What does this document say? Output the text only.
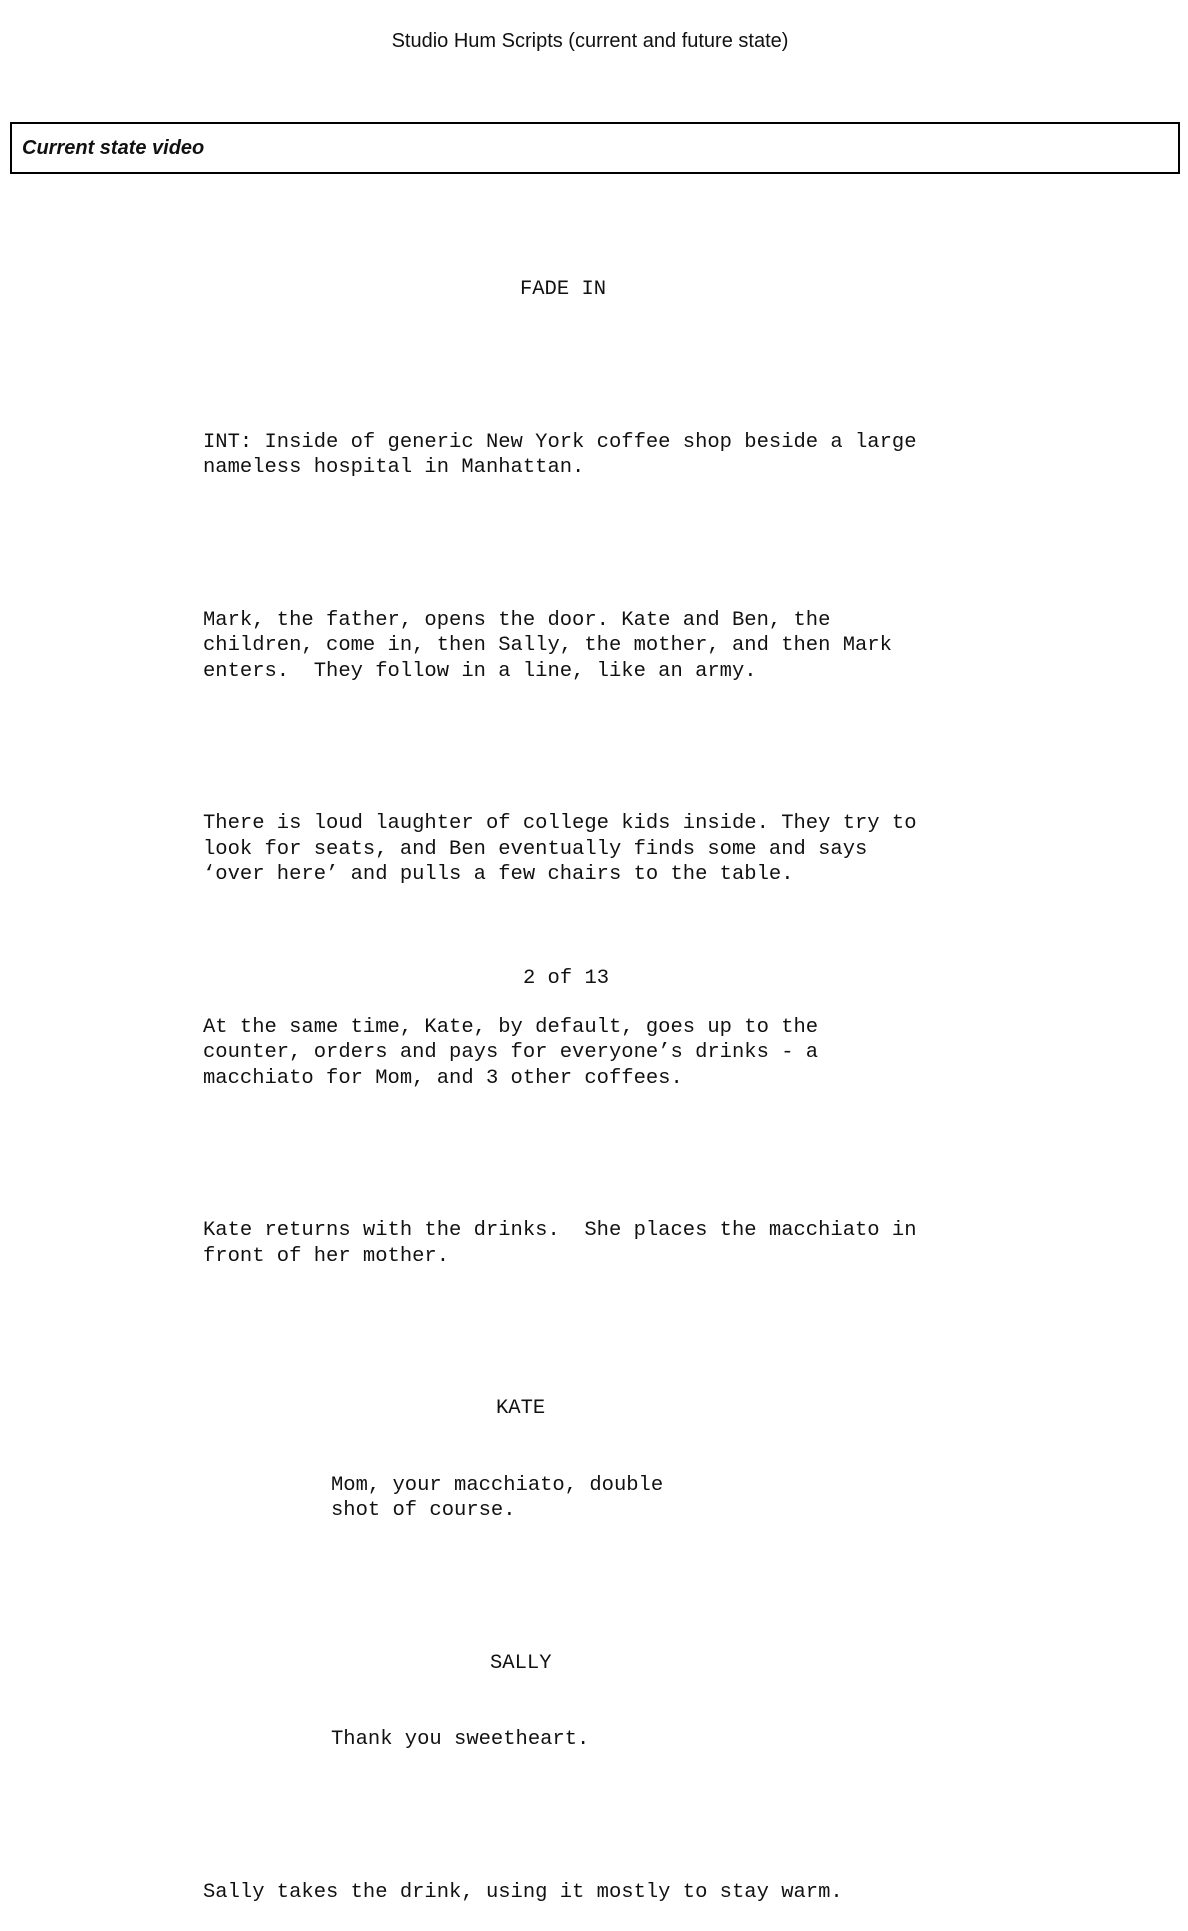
Studio Hum Scripts (current and future state)
Current state video

FADE IN

INT: Inside of generic New York coffee shop beside a large
nameless hospital in Manhattan.

Mark, the father, opens the door. Kate and Ben, the
children, come in, then Sally, the mother, and then Mark
enters.  They follow in a line, like an army.

There is loud laughter of college kids inside. They try to
look for seats, and Ben eventually finds some and says
‘over here’ and pulls a few chairs to the table.

At the same time, Kate, by default, goes up to the
counter, orders and pays for everyone’s drinks - a
macchiato for Mom, and 3 other coffees.

Kate returns with the drinks.  She places the macchiato in
front of her mother.

KATE

Mom, your macchiato, double
shot of course.

SALLY

Thank you sweetheart.

Sally takes the drink, using it mostly to stay warm.

2 of 13
